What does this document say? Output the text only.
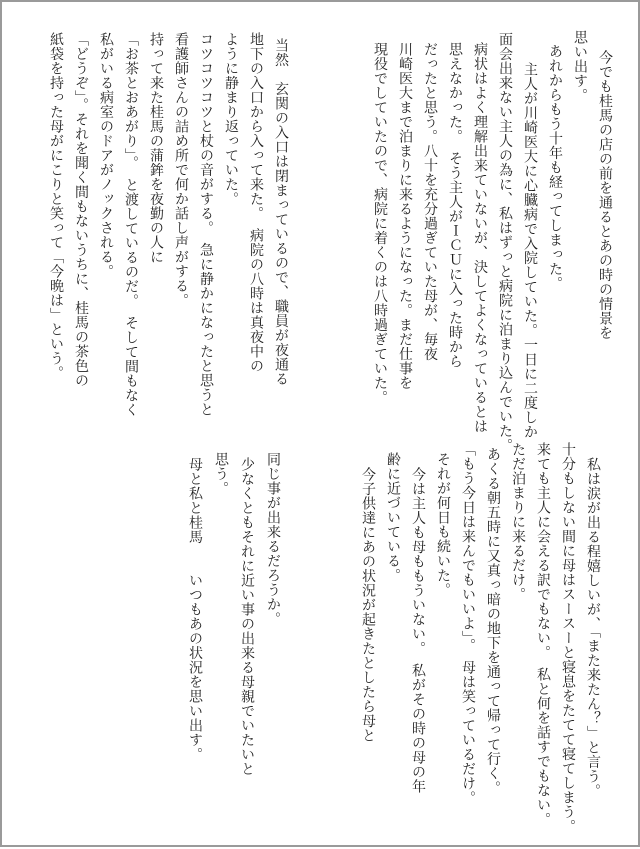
今でも桂馬の店の前を通るとあの時の情景を
思い出す。
あれからもう十年も経ってしまった。
主人が川崎医大に心臓病で入院していた。一日に二度しか
面会出来ない主人の為に、私はずっと病院に泊まり込んでいた。
病状はよく理解出来ていないが、決してよくなっているとは
思えなかった。　そう主人がＩＣＵに入った時から
だったと思う。八十を充分過ぎていた母が、毎夜
川崎医大まで泊まりに来るようになった。まだ仕事を
現役でしていたので、病院に着くのは八時過ぎていた。
当然　玄関の入口は閉まっているので、職員が夜通る
地下の入口から入って来た。　病院の八時は真夜中の
ように静まり返っていた。
コツコツコツと杖の音がする。　急に静かになったと思うと
看護師さんの詰め所で何か話し声がする。
持って来た桂馬の蒲鉾を夜勤の人に
「お茶とおあがり」。　と渡しているのだ。　そして間もなく
私がいる病室のドアがノックされる。
「どうぞ」。それを聞く間もないうちに、桂馬の茶色の
紙袋を持った母がにこりと笑って「今晩は」という。
私は涙が出る程嬉しいが、「また来たん？」と言う。
十分もしない間に母はスースーと寝息をたてて寝てしまう。
来ても主人に会える訳でもない。　私と何を話すでもない。
ただ泊まりに来るだけ。
あくる朝五時に又真っ暗の地下を通って帰って行く。
「もう今日は来んでもいいよ」。　母は笑っているだけ。
それが何日も続いた。
今は主人も母ももういない。　私がその時の母の年
齢に近づいている。
今子供達にあの状況が起きたとしたら母と
同じ事が出来るだろうか。
少なくともそれに近い事の出来る母親でいたいと
思う。
母と私と桂馬　　いつもあの状況を思い出す。
